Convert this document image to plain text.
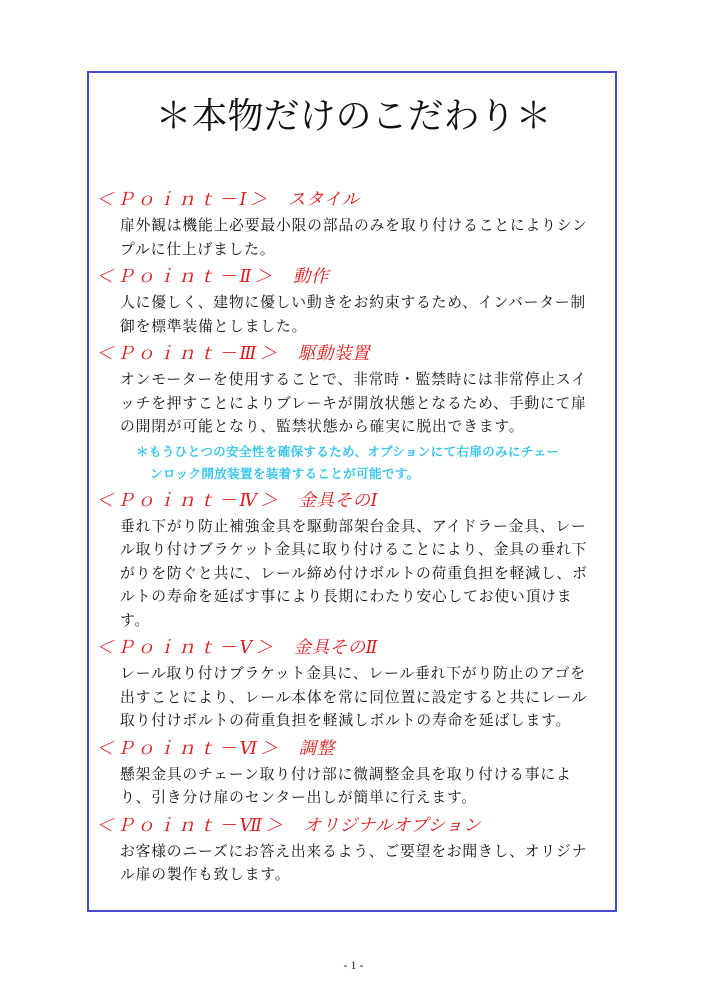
＊本物だけのこだわり＊
＜Ｐｏｉｎｔ－Ⅰ＞ スタイル
扉外観は機能上必要最小限の部品のみを取り付けることによりシンプルに仕上げました。
＜Ｐｏｉｎｔ－Ⅱ＞ 動作
人に優しく、建物に優しい動きをお約束するため、インバーター制御を標準装備としました。
＜Ｐｏｉｎｔ－Ⅲ＞ 駆動装置
オンモーターを使用することで、非常時・監禁時には非常停止スイッチを押すことによりブレーキが開放状態となるため、手動にて扉の開閉が可能となり、監禁状態から確実に脱出できます。
＊もうひとつの安全性を確保するため、オプションにて右扉のみにチェー
ンロック開放装置を装着することが可能です。
＜Ｐｏｉｎｔ－Ⅳ＞ 金具そのⅠ
垂れ下がり防止補強金具を駆動部架台金具、アイドラー金具、レール取り付けブラケット金具に取り付けることにより、金具の垂れ下がりを防ぐと共に、レール締め付けボルトの荷重負担を軽減し、ボルトの寿命を延ばす事により長期にわたり安心してお使い頂けます。
＜Ｐｏｉｎｔ－Ⅴ＞ 金具そのⅡ
レール取り付けブラケット金具に、レール垂れ下がり防止のアゴを出すことにより、レール本体を常に同位置に設定すると共にレール取り付けボルトの荷重負担を軽減しボルトの寿命を延ばします。
＜Ｐｏｉｎｔ－Ⅵ＞ 調整
懸架金具のチェーン取り付け部に微調整金具を取り付ける事により、引き分け扉のセンター出しが簡単に行えます。
＜Ｐｏｉｎｔ－Ⅶ＞ オリジナルオプション
お客様のニーズにお答え出来るよう、ご要望をお聞きし、オリジナル扉の製作も致します。
- 1 -
